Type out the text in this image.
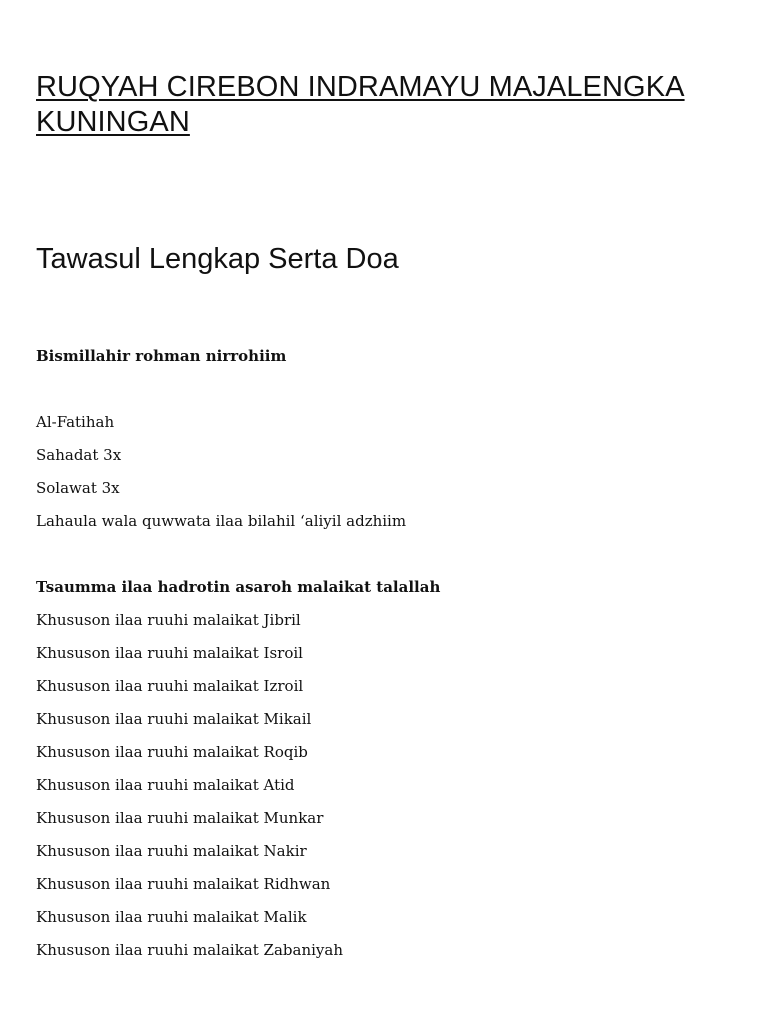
RUQYAH CIREBON INDRAMAYU MAJALENGKA KUNINGAN
Tawasul Lengkap Serta Doa

Bismillahir rohman nirrohiim

Al-Fatihah

Sahadat 3x

Solawat 3x

Lahaula wala quwwata ilaa bilahil ‘aliyil adzhiim

Tsaumma ilaa hadrotin asaroh malaikat talallah

Khususon ilaa ruuhi malaikat Jibril

Khususon ilaa ruuhi malaikat Isroil

Khususon ilaa ruuhi malaikat Izroil

Khususon ilaa ruuhi malaikat Mikail

Khususon ilaa ruuhi malaikat Roqib

Khususon ilaa ruuhi malaikat Atid

Khususon ilaa ruuhi malaikat Munkar

Khususon ilaa ruuhi malaikat Nakir

Khususon ilaa ruuhi malaikat Ridhwan

Khususon ilaa ruuhi malaikat Malik

Khususon ilaa ruuhi malaikat Zabaniyah
